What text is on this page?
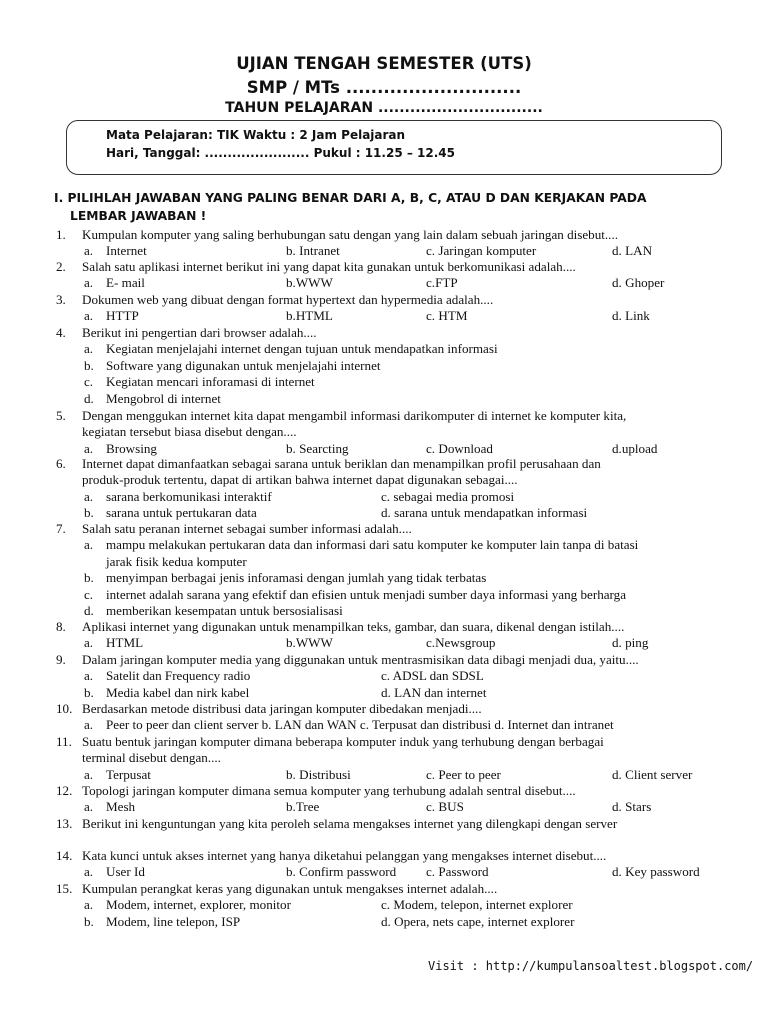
UJIAN TENGAH SEMESTER (UTS)
SMP / MTs ............................
TAHUN PELAJARAN ...............................
Mata Pelajaran: TIK Waktu : 2 Jam Pelajaran
Hari, Tanggal: ....................... Pukul : 11.25 – 12.45
I. PILIHLAH JAWABAN YANG PALING BENAR DARI A, B, C, ATAU D DAN KERJAKAN PADA
LEMBAR JAWABAN !
1. Kumpulan komputer yang saling berhubungan satu dengan yang lain dalam sebuah jaringan disebut....
a. Internet	b. Intranet	c. Jaringan komputer	d. LAN
2. Salah satu aplikasi internet berikut ini yang dapat kita gunakan untuk berkomunikasi adalah....
a. E- mail	b.WWW	c.FTP	d. Ghoper
3. Dokumen web yang dibuat dengan format hypertext dan hypermedia adalah....
a. HTTP	b.HTML	c. HTM	d. Link
4. Berikut ini pengertian dari browser adalah....
a. Kegiatan menjelajahi internet dengan tujuan untuk mendapatkan informasi
b. Software yang digunakan untuk menjelajahi internet
c. Kegiatan mencari inforamasi di internet
d. Mengobrol di internet
5. Dengan menggukan internet kita dapat mengambil informasi darikomputer di internet ke komputer kita,
kegiatan tersebut biasa disebut dengan....
a. Browsing	b. Searcting	c. Download	d.upload
6. Internet dapat dimanfaatkan sebagai sarana untuk beriklan dan menampilkan profil perusahaan dan
produk-produk tertentu, dapat di artikan bahwa internet dapat digunakan sebagai....
a. sarana berkomunikasi interaktif	c. sebagai media promosi
b. sarana untuk pertukaran data	d. sarana untuk mendapatkan informasi
7. Salah satu peranan internet sebagai sumber informasi adalah....
a. mampu melakukan pertukaran data dan informasi dari satu komputer ke komputer lain tanpa di batasi
jarak fisik kedua komputer
b. menyimpan berbagai jenis inforamasi dengan jumlah yang tidak terbatas
c. internet adalah sarana yang efektif dan efisien untuk menjadi sumber daya informasi yang berharga
d. memberikan kesempatan untuk bersosialisasi
8. Aplikasi internet yang digunakan untuk menampilkan teks, gambar, dan suara, dikenal dengan istilah....
a. HTML	b.WWW	c.Newsgroup	d. ping
9. Dalam jaringan komputer media yang diggunakan untuk mentrasmisikan data dibagi menjadi dua, yaitu....
a. Satelit dan Frequency radio	c. ADSL dan SDSL
b. Media kabel dan nirk kabel	d. LAN dan internet
10. Berdasarkan metode distribusi data jaringan komputer dibedakan menjadi....
a. Peer to peer dan client server b. LAN dan WAN c. Terpusat dan distribusi d. Internet dan intranet
11. Suatu bentuk jaringan komputer dimana beberapa komputer induk yang terhubung dengan berbagai
terminal disebut dengan....
a. Terpusat	b. Distribusi	c. Peer to peer	d. Client server
12. Topologi jaringan komputer dimana semua komputer yang terhubung adalah sentral disebut....
a. Mesh	b.Tree	c. BUS	d. Stars
13. Berikut ini kenguntungan yang kita peroleh selama mengakses internet yang dilengkapi dengan server
14. Kata kunci untuk akses internet yang hanya diketahui pelanggan yang mengakses internet disebut....
a. User Id	b. Confirm password c. Password	d. Key password
15. Kumpulan perangkat keras yang digunakan untuk mengakses internet adalah....
a. Modem, internet, explorer, monitor	c. Modem, telepon, internet explorer
b. Modem, line telepon, ISP	d. Opera, nets cape, internet explorer
Visit : http://kumpulansoaltest.blogspot.com/
